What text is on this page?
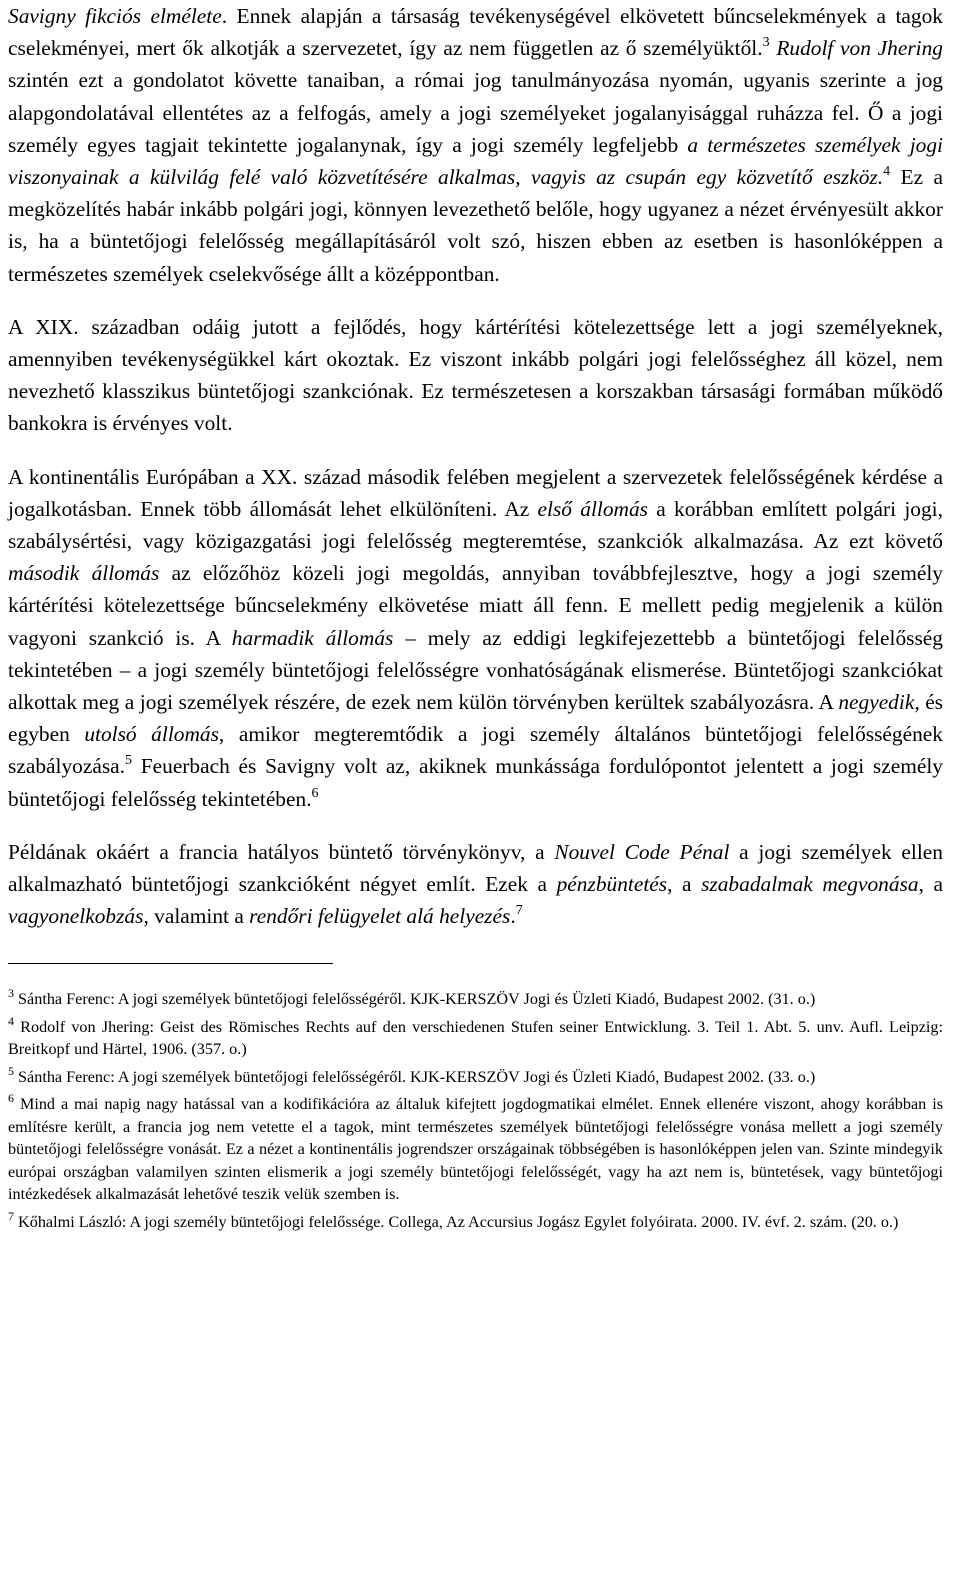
Savigny fikciós elmélete. Ennek alapján a társaság tevékenységével elkövetett bűncselekmények a tagok cselekményei, mert ők alkotják a szervezetet, így az nem független az ő személyüktől.$^3$ Rudolf von Jhering szintén ezt a gondolatot követte tanaiban, a római jog tanulmányozása nyomán, ugyanis szerinte a jog alapgondolatával ellentétes az a felfogás, amely a jogi személyeket jogalanyisággal ruházza fel. Ő a jogi személy egyes tagjait tekintette jogalanynak, így a jogi személy legfeljebb a természetes személyek jogi viszonyainak a külvilág felé való közvetítésére alkalmas, vagyis az csupán egy közvetítő eszköz.$^4$ Ez a megközelítés habár inkább polgári jogi, könnyen levezethető belőle, hogy ugyanez a nézet érvényesült akkor is, ha a büntetőjogi felelősség megállapításáról volt szó, hiszen ebben az esetben is hasonlóképpen a természetes személyek cselekvősége állt a középpontban.

A XIX. században odáig jutott a fejlődés, hogy kártérítési kötelezettsége lett a jogi személyeknek, amennyiben tevékenységükkel kárt okoztak. Ez viszont inkább polgári jogi felelősséghez áll közel, nem nevezhető klasszikus büntetőjogi szankciónak. Ez természetesen a korszakban társasági formában működő bankokra is érvényes volt.

A kontinentális Európában a XX. század második felében megjelent a szervezetek felelősségének kérdése a jogalkotásban. Ennek több állomását lehet elkülöníteni. Az első állomás a korábban említett polgári jogi, szabálysértési, vagy közigazgatási jogi felelősség megteremtése, szankciók alkalmazása. Az ezt követő második állomás az előzőhöz közeli jogi megoldás, annyiban továbbfejlesztve, hogy a jogi személy kártérítési kötelezettsége bűncselekmény elkövetése miatt áll fenn. E mellett pedig megjelenik a külön vagyoni szankció is. A harmadik állomás – mely az eddigi legkifejezettebb a büntetőjogi felelősség tekintetében – a jogi személy büntetőjogi felelősségre vonhatóságának elismerése. Büntetőjogi szankciókat alkottak meg a jogi személyek részére, de ezek nem külön törvényben kerültek szabályozásra. A negyedik, és egyben utolsó állomás, amikor megteremtődik a jogi személy általános büntetőjogi felelősségének szabályozása.$^5$ Feuerbach és Savigny volt az, akiknek munkássága fordulópontot jelentett a jogi személy büntetőjogi felelősség tekintetében.$^6$

Példának okáért a francia hatályos büntető törvénykönyv, a Nouvel Code Pénal a jogi személyek ellen alkalmazható büntetőjogi szankcióként négyet említ. Ezek a pénzbüntetés, a szabadalmak megvonása, a vagyonelkobzás, valamint a rendőri felügyelet alá helyezés.$^7$

$^3$ Sántha Ferenc: A jogi személyek büntetőjogi felelősségéről. KJK-KERSZÖV Jogi és Üzleti Kiadó, Budapest 2002. (31. o.)

$^4$ Rodolf von Jhering: Geist des Römisches Rechts auf den verschiedenen Stufen seiner Entwicklung. 3. Teil 1. Abt. 5. unv. Aufl. Leipzig: Breitkopf und Härtel, 1906. (357. o.)

$^5$ Sántha Ferenc: A jogi személyek büntetőjogi felelősségéről. KJK-KERSZÖV Jogi és Üzleti Kiadó, Budapest 2002. (33. o.)

$^6$ Mind a mai napig nagy hatással van a kodifikációra az általuk kifejtett jogdogmatikai elmélet. Ennek ellenére viszont, ahogy korábban is említésre került, a francia jog nem vetette el a tagok, mint természetes személyek büntetőjogi felelősségre vonása mellett a jogi személy büntetőjogi felelősségre vonását. Ez a nézet a kontinentális jogrendszer országainak többségében is hasonlóképpen jelen van. Szinte mindegyik európai országban valamilyen szinten elismerik a jogi személy büntetőjogi felelősségét, vagy ha azt nem is, büntetések, vagy büntetőjogi intézkedések alkalmazását lehetővé teszik velük szemben is.

$^7$ Kőhalmi László: A jogi személy büntetőjogi felelőssége. Collega, Az Accursius Jogász Egylet folyóirata. 2000. IV. évf. 2. szám. (20. o.)
